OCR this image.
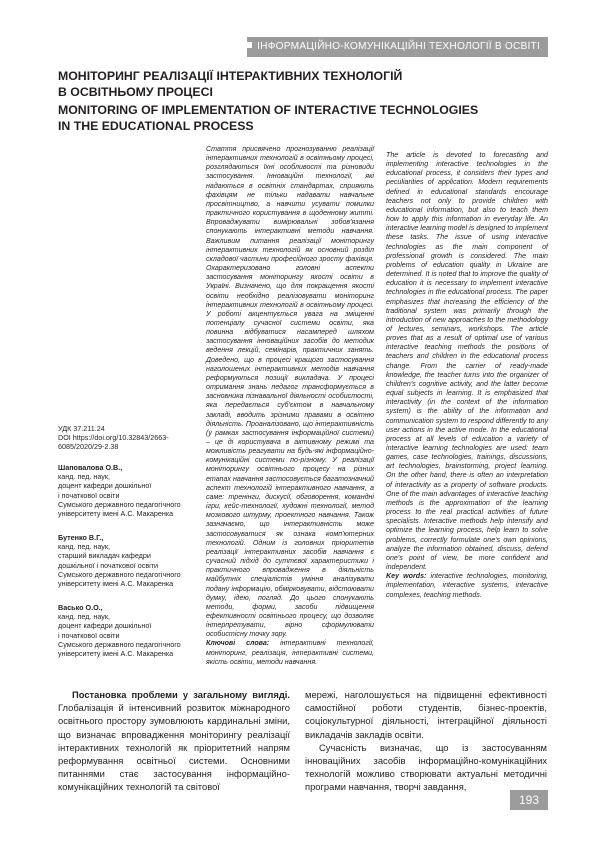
ІНФОРМАЦІЙНО-КОМУНІКАЦІЙНІ ТЕХНОЛОГІЇ В ОСВІТІ
МОНІТОРИНГ РЕАЛІЗАЦІЇ ІНТЕРАКТИВНИХ ТЕХНОЛОГІЙ
В ОСВІТНЬОМУ ПРОЦЕСІ
MONITORING OF IMPLEMENTATION OF INTERACTIVE TECHNOLOGIES
IN THE EDUCATIONAL PROCESS

Стаття присвячено прогнозуванню реалізації інтерактивних технологій в освітньому процесі, розглядаються їхні особливості та різновиди застосування. Інноваційні технології, які надаються в освітніх стандартах, сприяють фахівцям не тільки надавати навчальне просвітництво, а навчити усувати помилки практичного користування в щоденному житті. Впроваджувати вимірювальні зобов'язання спонукають інтерактивні методи навчання. Важливим питання реалізації моніторингу інтерактивних технологій як основний розділ складової частини професійного зросту фахівця. Охарактеризовано головні аспекти застосування моніторингу якості освіти в Україні. Визначено, що для покращення якості освіти необхідно реалізовувати моніторинг інтерактивних технологій в освітньому процесі. У роботі акцентується увага на зміщенні потенціалу сучасної системи освіти, яка повинна відбуватися насамперед шляхом застосування інноваційних засобів до методик ведення лекцій, семінарів, практичних занять. Доведено, що в процесі кращого застосування наголошених інтерактивних методів навчання реформуються позиції викладача. У процесі отримання знань педагог трансформується в засновника пізнавальної діяльності особистості, яка передається суб'єктом в навчальному закладі, вводить зрізними правами в освітню діяльність. Проаналізовано, що інтерактивність (у рамках застосування інформаційної системи) – це ді користувача в активному режимі та можливість реагувати на будь-які інформаційно-комунікаційні системи по-різному. У реалізації моніторингу освітнього процесу на різних етапах навчання застосовується багатозначний аспект технологій інтерактивного навчання, а саме: тренінги, дискусії, обговорення, командні ігри, кейс-технології, художні технології, метод мозкового штурму, проектного навчання. Також зазначаємо, що інтерактивність може застосовуватися як ознака комп'ютерних технологій. Одним із головних пріоритетів реалізації інтерактивних засобів навчання є сучасний підхід до суттєвої характеристики і практичного впровадження в діяльність майбутніх спеціалістів уміння аналізувати подану інформацію, обмірковувати, відстоювати думку, ідею, погляд. До цього спонукають методи, форми, засоби підвищення ефективності освітнього процесу, що дозволяє інтерпретувати, вірно сформулювати особистісну точку зору.

Ключові слова: інтерактивні технології, моніторинг, реалізація, інтерактивні системи, якість освіти, методи навчання.

The article is devoted to forecasting and implementing interactive technologies in the educational process, it considers their types and peculiarities of application. Modern requirements defined in educational standards encourage teachers not only to provide children with educational information, but also to teach them how to apply this information in everyday life. An interactive learning model is designed to implement these tasks. The issue of using interactive technologies as the main component of professional growth is considered. The main problems of education quality in Ukraine are determined. It is noted that to improve the quality of education it is necessary to implement interactive technologies in the educational process. The paper emphasizes that increasing the efficiency of the traditional system was primarily through the introduction of new approaches to the methodology of lectures, seminars, workshops. The article proves that as a result of optimal use of various interactive teaching methods the positions of teachers and children in the educational process change. From the carrier of ready-made knowledge, the teacher turns into the organizer of children's cognitive activity, and the latter become equal subjects in learning. It is emphasized that interactivity (in the context of the information system) is the ability of the information and communication system to respond differently to any user actions in the active mode. In the educational process at all levels of education a variety of interactive learning technologies are used: team games, case technologies, trainings, discussions, art technologies, brainstorming, project learning. On the other hand, there is often an interpretation of interactivity as a property of software products. One of the main advantages of interactive teaching methods is the approximation of the learning process to the real practical activities of future specialists. Interactive methods help intensify and optimize the learning process, help learn to solve problems, correctly formulate one's own opinions, analyze the information obtained, discuss, defend one's point of view, be more confident and independent.

Key words: interactive technologies, monitoring, implementation, interactive systems, interactive complexes, teaching methods.

УДК 37.211.24
DOI https://doi.org/10.32843/2663-6085/2020/29-2.38
Шаповалова О.В.,
канд. пед. наук,
доцент кафедри дошкільної
і початкової освіти
Сумського державного педагогічного
університету імені А.С. Макаренка
Бутенко В.Г.,
канд. пед. наук,
старший викладач кафедри
дошкільної і початкової освіти
Сумського державного педагогічного
університету імені А.С. Макаренка
Васько О.О.,
канд. пед. наук,
доцент кафедри дошкільної
і початкової освіти
Сумського державного педагогічного
університету імені А.С. Макаренка

Постановка проблеми у загальному вигляді. Глобалізація й інтенсивний розвиток міжнародного освітнього простору зумовлюють кардинальні зміни, що визначає впровадження моніторингу реалізації інтерактивних технологій як пріоритетний напрям реформування освітньої системи. Основними питаннями стає застосування інформаційно-комунікаційних технологій та світової

мережі, наголошується на підвищенні ефективності самостійної роботи студентів, бізнес-проектів, соціокультурної діяльності, інтеграційної діяльності викладачів закладів освіти.

Сучасність визначає, що із застосуванням інноваційних засобів інформаційно-комунікаційних технологій можливо створювати актуальні методичні програми навчання, творчі завдання,

193
